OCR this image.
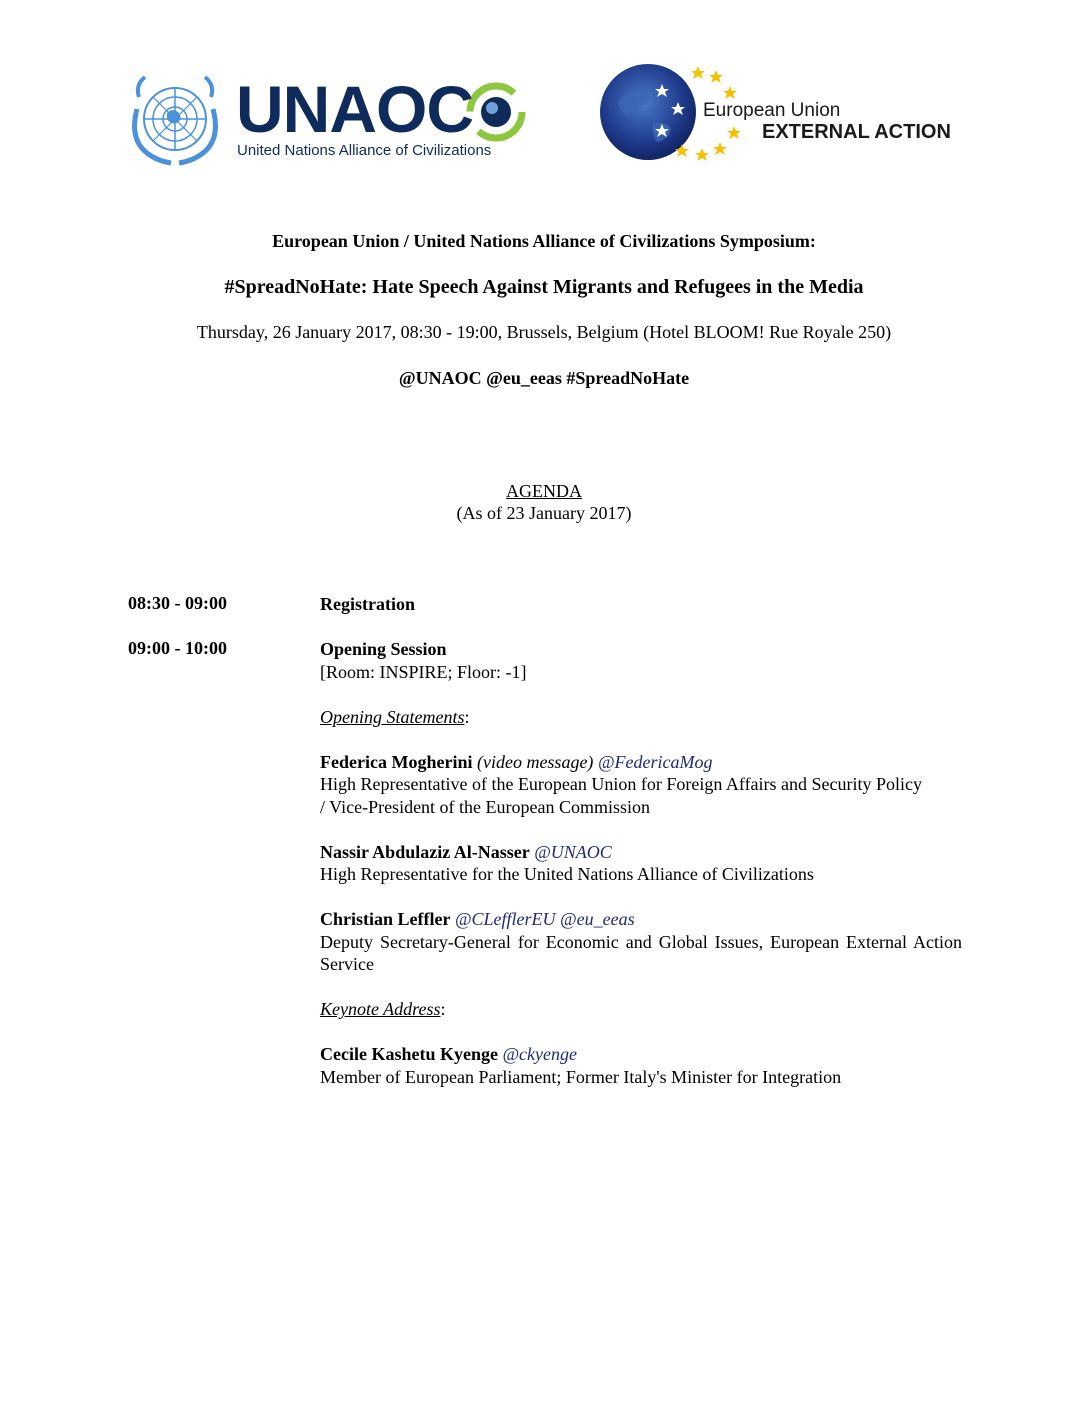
UNAOC
United Nations Alliance of Civilizations
European Union
EXTERNAL ACTION
European Union / United Nations Alliance of Civilizations Symposium:
#SpreadNoHate: Hate Speech Against Migrants and Refugees in the Media
Thursday, 26 January 2017, 08:30 - 19:00, Brussels, Belgium (Hotel BLOOM! Rue Royale 250)
@UNAOC @eu_eeas #SpreadNoHate
AGENDA
(As of 23 January 2017)
08:30 - 09:00	Registration
09:00 - 10:00	Opening Session
[Room: INSPIRE; Floor: -1]
Opening Statements:
Federica Mogherini (video message) @FedericaMog
High Representative of the European Union for Foreign Affairs and Security Policy / Vice-President of the European Commission
Nassir Abdulaziz Al-Nasser @UNAOC
High Representative for the United Nations Alliance of Civilizations
Christian Leffler @CLefflerEU @eu_eeas
Deputy Secretary-General for Economic and Global Issues, European External Action Service
Keynote Address:
Cecile Kashetu Kyenge @ckyenge
Member of European Parliament; Former Italy's Minister for Integration
